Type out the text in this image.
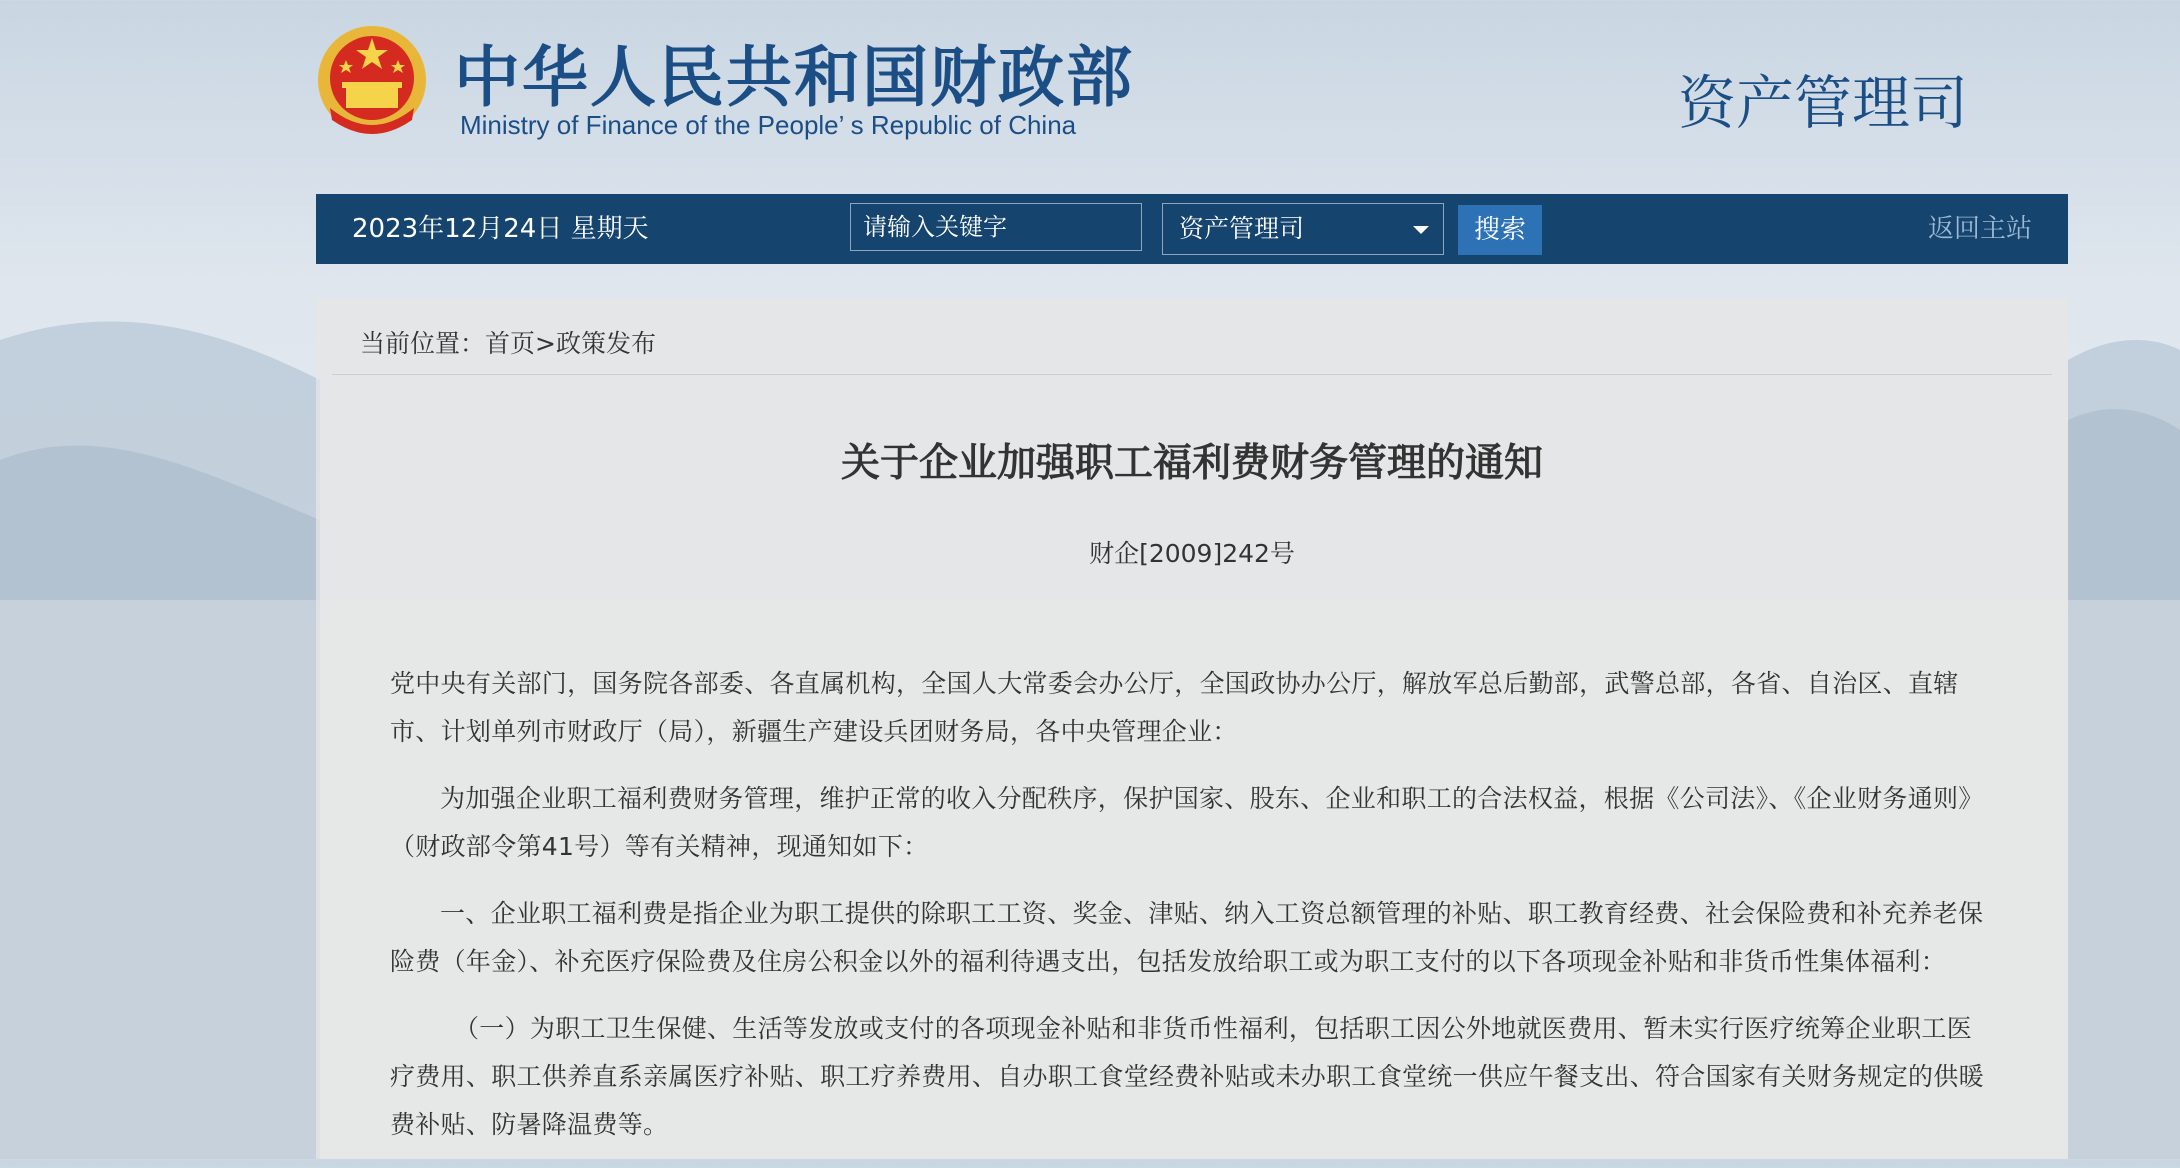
中华人民共和国财政部
Ministry of Finance of the People’ s Republic of China	资产管理司
2023年12月24日 星期天
请输入关键字	资产管理司	搜索	返回主站
当前位置：首页>政策发布
关于企业加强职工福利费财务管理的通知
财企[2009]242号

党中央有关部门，国务院各部委、各直属机构，全国人大常委会办公厅，全国政协办公厅，解放军总后勤部，武警总部，各省、自治区、直辖市、计划单列市财政厅（局），新疆生产建设兵团财务局，各中央管理企业：

为加强企业职工福利费财务管理，维护正常的收入分配秩序，保护国家、股东、企业和职工的合法权益，根据《公司法》、《企业财务通则》（财政部令第41号）等有关精神，现通知如下：

一、企业职工福利费是指企业为职工提供的除职工工资、奖金、津贴、纳入工资总额管理的补贴、职工教育经费、社会保险费和补充养老保险费（年金）、补充医疗保险费及住房公积金以外的福利待遇支出，包括发放给职工或为职工支付的以下各项现金补贴和非货币性集体福利：

（一）为职工卫生保健、生活等发放或支付的各项现金补贴和非货币性福利，包括职工因公外地就医费用、暂未实行医疗统筹企业职工医疗费用、职工供养直系亲属医疗补贴、职工疗养费用、自办职工食堂经费补贴或未办职工食堂统一供应午餐支出、符合国家有关财务规定的供暖费补贴、防暑降温费等。
